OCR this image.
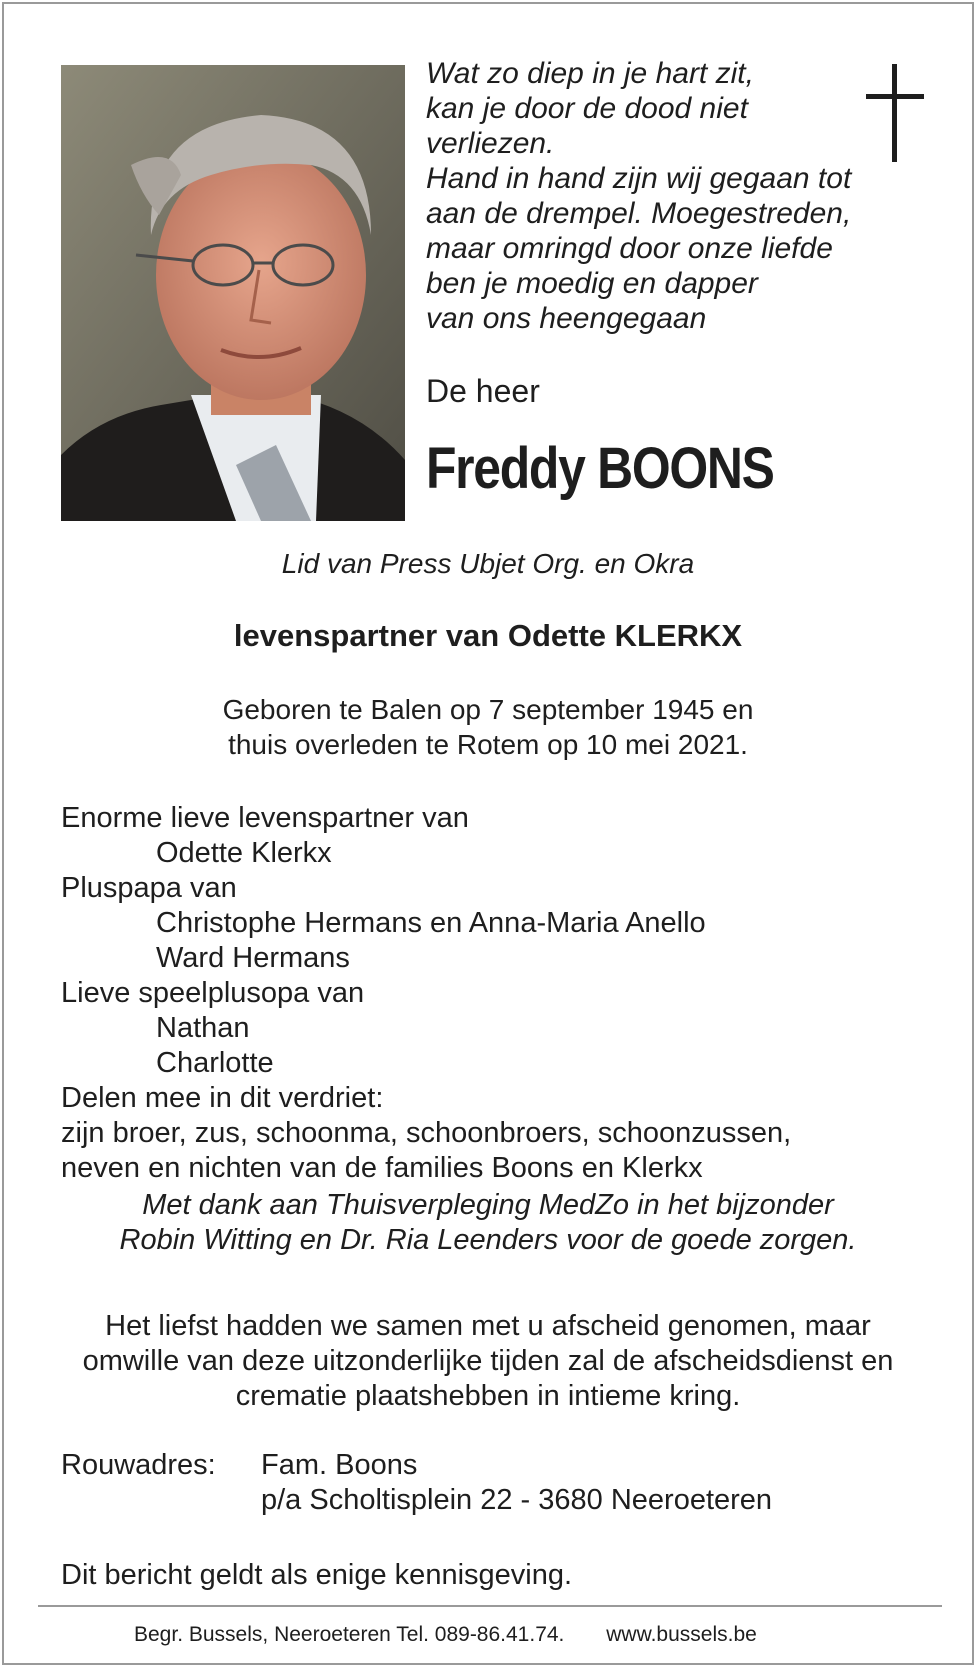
Wat zo diep in je hart zit,
kan je door de dood niet
verliezen.
Hand in hand zijn wij gegaan tot
aan de drempel. Moegestreden,
maar omringd door onze liefde
ben je moedig en dapper
van ons heengegaan
De heer
Freddy BOONS
Lid van Press Ubjet Org. en Okra
levenspartner van Odette KLERKX
Geboren te Balen op 7 september 1945 en
thuis overleden te Rotem op 10 mei 2021.
Enorme lieve levenspartner van
Odette Klerkx
Pluspapa van
Christophe Hermans en Anna-Maria Anello
Ward Hermans
Lieve speelplusopa van
Nathan
Charlotte
Delen mee in dit verdriet:
zijn broer, zus, schoonma, schoonbroers, schoonzussen,
neven en nichten van de families Boons en Klerkx
Met dank aan Thuisverpleging MedZo in het bijzonder
Robin Witting en Dr. Ria Leenders voor de goede zorgen.
Het liefst hadden we samen met u afscheid genomen, maar
omwille van deze uitzonderlijke tijden zal de afscheidsdienst en
crematie plaatshebben in intieme kring.
Rouwadres: Fam. Boons
p/a Scholtisplein 22 - 3680 Neeroeteren
Dit bericht geldt als enige kennisgeving.
Begr. Bussels, Neeroeteren Tel. 089-86.41.74. www.bussels.be
